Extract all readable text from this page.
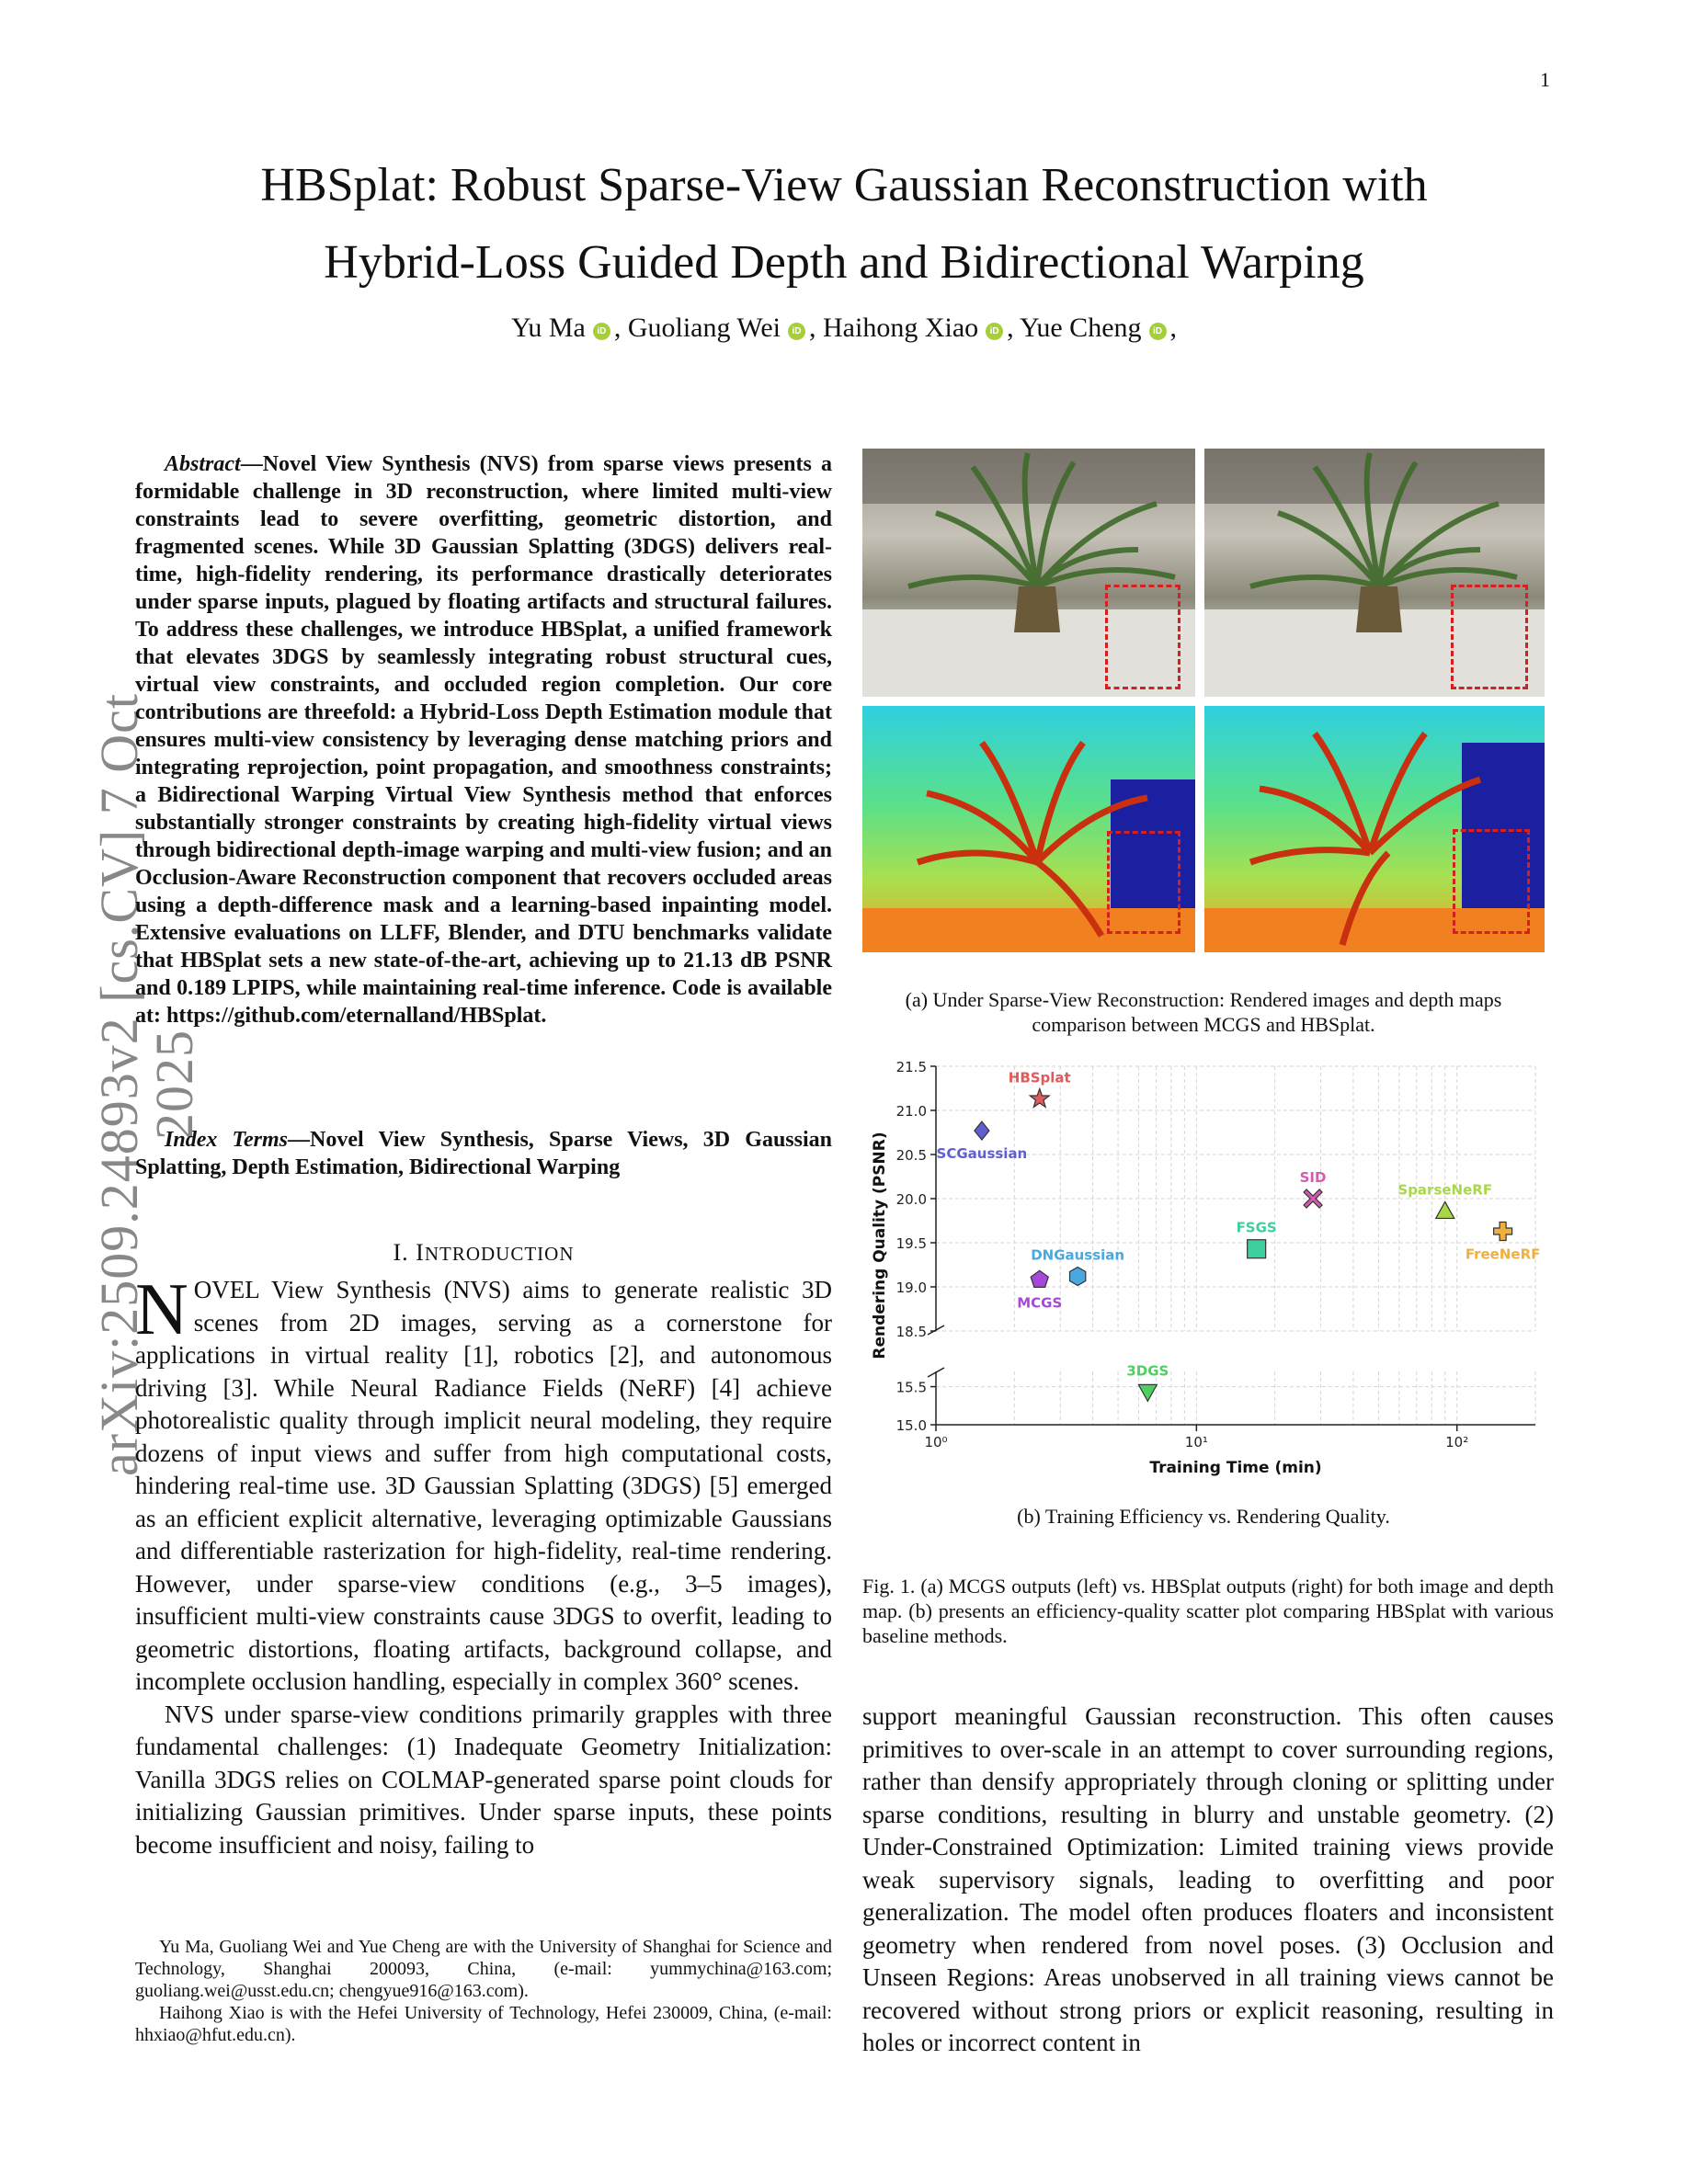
1
HBSplat: Robust Sparse-View Gaussian Reconstruction with
Hybrid-Loss Guided Depth and Bidirectional Warping
Yu Ma iD , Guoliang Wei iD , Haihong Xiao iD , Yue Cheng iD ,
arXiv:2509.24893v2 [cs.CV] 7 Oct 2025
Abstract—Novel View Synthesis (NVS) from sparse views presents a formidable challenge in 3D reconstruction, where limited multi-view constraints lead to severe overfitting, geometric distortion, and fragmented scenes. While 3D Gaussian Splatting (3DGS) delivers real-time, high-fidelity rendering, its performance drastically deteriorates under sparse inputs, plagued by floating artifacts and structural failures. To address these challenges, we introduce HBSplat, a unified framework that elevates 3DGS by seamlessly integrating robust structural cues, virtual view constraints, and occluded region completion. Our core contributions are threefold: a Hybrid-Loss Depth Estimation module that ensures multi-view consistency by leveraging dense matching priors and integrating reprojection, point propagation, and smoothness constraints; a Bidirectional Warping Virtual View Synthesis method that enforces substantially stronger constraints by creating high-fidelity virtual views through bidirectional depth-image warping and multi-view fusion; and an Occlusion-Aware Reconstruction component that recovers occluded areas using a depth-difference mask and a learning-based inpainting model. Extensive evaluations on LLFF, Blender, and DTU benchmarks validate that HBSplat sets a new state-of-the-art, achieving up to 21.13 dB PSNR and 0.189 LPIPS, while maintaining real-time inference. Code is available at: https://github.com/eternalland/HBSplat.
Index Terms—Novel View Synthesis, Sparse Views, 3D Gaussian Splatting, Depth Estimation, Bidirectional Warping
I. INTRODUCTION

NOVEL View Synthesis (NVS) aims to generate realistic 3D scenes from 2D images, serving as a cornerstone for applications in virtual reality [1], robotics [2], and autonomous driving [3]. While Neural Radiance Fields (NeRF) [4] achieve photorealistic quality through implicit neural modeling, they require dozens of input views and suffer from high computational costs, hindering real-time use. 3D Gaussian Splatting (3DGS) [5] emerged as an efficient explicit alternative, leveraging optimizable Gaussians and differentiable rasterization for high-fidelity, real-time rendering. However, under sparse-view conditions (e.g., 3–5 images), insufficient multi-view constraints cause 3DGS to overfit, leading to geometric distortions, floating artifacts, background collapse, and incomplete occlusion handling, especially in complex 360° scenes.

NVS under sparse-view conditions primarily grapples with three fundamental challenges: (1) Inadequate Geometry Initialization: Vanilla 3DGS relies on COLMAP-generated sparse point clouds for initializing Gaussian primitives. Under sparse inputs, these points become insufficient and noisy, failing to

Yu Ma, Guoliang Wei and Yue Cheng are with the University of Shanghai for Science and Technology, Shanghai 200093, China, (e-mail: yummychina@163.com; guoliang.wei@usst.edu.cn; chengyue916@163.com).
Haihong Xiao is with the Hefei University of Technology, Hefei 230009, China, (e-mail: hhxiao@hfut.edu.cn).
(a) Under Sparse-View Reconstruction: Rendered images and depth maps comparison between MCGS and HBSplat.
18.5
19.0
19.5
20.0
20.5
21.0
21.5
15.0
15.5
10⁰	10¹	10²
Training Time (min)
Rendering Quality (PSNR)
HBSplat
SCGaussian
SID
SparseNeRF
FreeNeRF
FSGS
DNGaussian
MCGS
3DGS
(b) Training Efficiency vs. Rendering Quality.
Fig. 1. (a) MCGS outputs (left) vs. HBSplat outputs (right) for both image and depth map. (b) presents an efficiency-quality scatter plot comparing HBSplat with various baseline methods.
support meaningful Gaussian reconstruction. This often causes primitives to over-scale in an attempt to cover surrounding regions, rather than densify appropriately through cloning or splitting under sparse conditions, resulting in blurry and unstable geometry. (2) Under-Constrained Optimization: Limited training views provide weak supervisory signals, leading to overfitting and poor generalization. The model often produces floaters and inconsistent geometry when rendered from novel poses. (3) Occlusion and Unseen Regions: Areas unobserved in all training views cannot be recovered without strong priors or explicit reasoning, resulting in holes or incorrect content in
